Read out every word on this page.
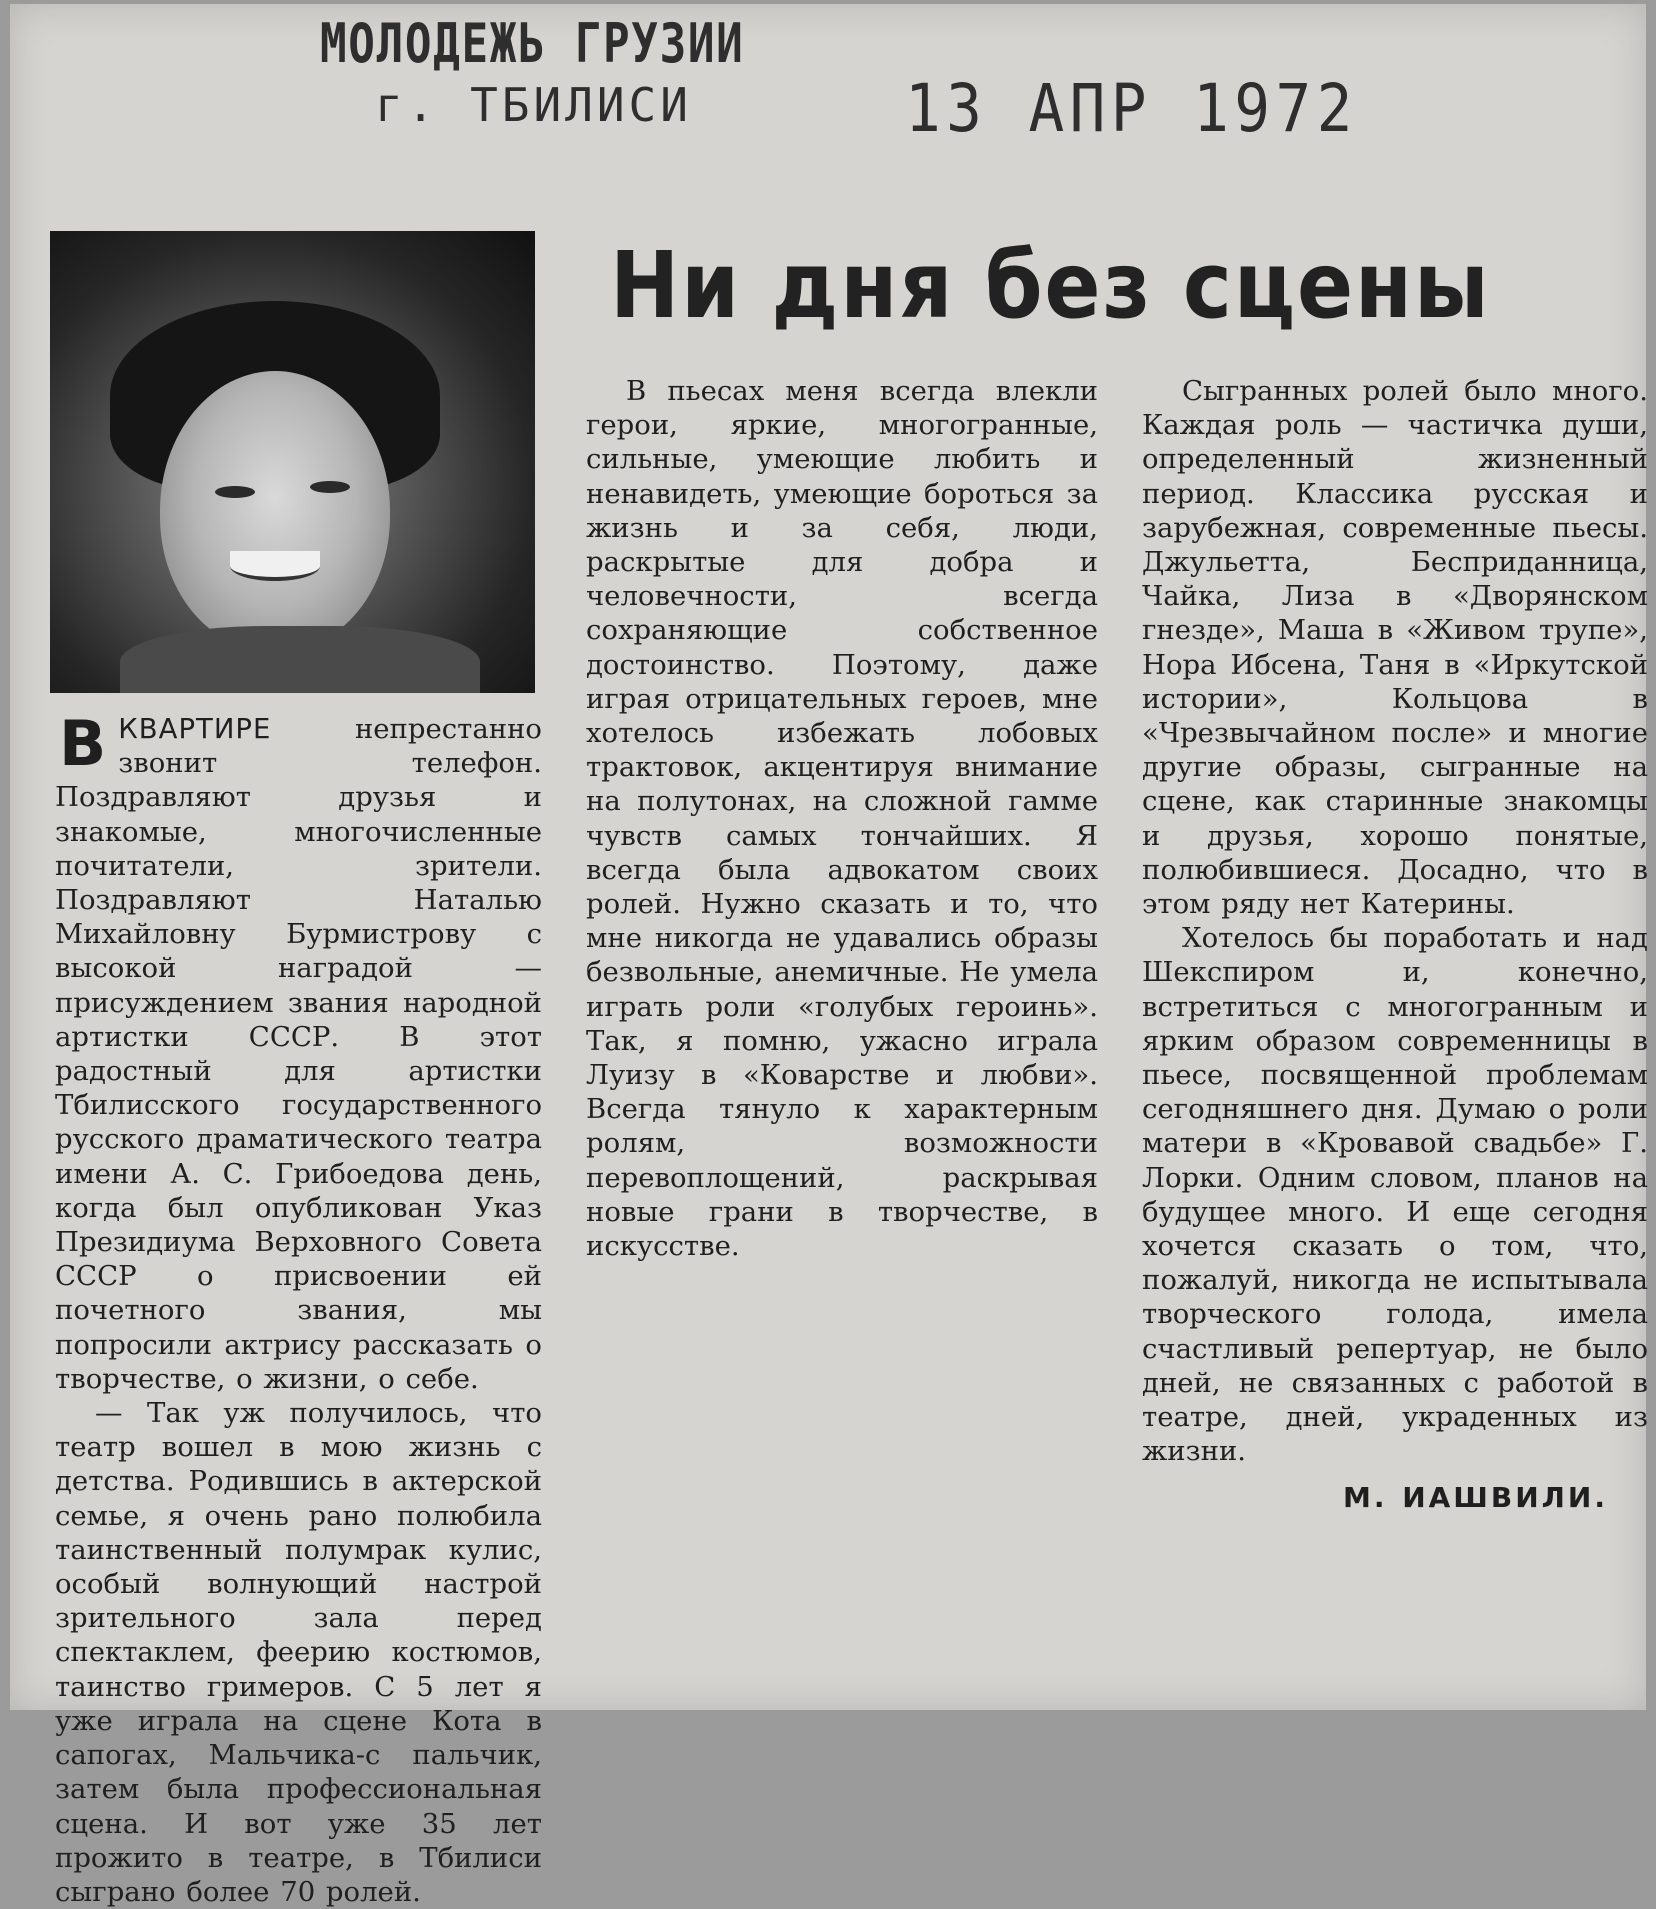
МОЛОДЕЖЬ ГРУЗИИ
г. ТБИЛИСИ	13 АПР 1972
Ни дня без сцены

В КВАРТИРЕ	непрестанно звонит телефон. Поздравляют друзья и знакомые, многочисленные почитатели, зрители. Поздравляют Наталью Михайловну Бурмистрову с высокой наградой — присуждением звания народной артистки СССР. В этот радостный для артистки Тбилисского государственного русского драматического театра имени А. С. Грибоедова день, когда был опубликован Указ Президиума Верховного Совета СССР о присвоении ей почетного звания, мы попросили актрису рассказать о творчестве, о жизни, о себе.

— Так уж получилось, что театр вошел в мою жизнь с детства. Родившись в актерской семье, я очень рано полюбила таинственный полумрак кулис, особый волнующий настрой зрительного зала перед спектаклем, феерию костюмов, таинство гримеров. С 5 лет я уже играла на сцене Кота в сапогах, Мальчика-с пальчик, затем была профессиональная сцена. И вот уже 35 лет прожито в театре, в Тбилиси сыграно более 70 ролей.

В пьесах меня всегда влекли герои, яркие, многогранные, сильные, умеющие любить и ненавидеть, умеющие бороться за жизнь и за себя, люди, раскрытые для добра и человечности, всегда сохраняющие собственное достоинство. Поэтому, даже играя отрицательных героев, мне хотелось избежать лобовых трактовок, акцентируя внимание на полутонах, на сложной гамме чувств самых тончайших. Я всегда была адвокатом своих ролей. Нужно сказать и то, что мне никогда не удавались образы безвольные, анемичные. Не умела играть роли «голубых героинь». Так, я помню, ужасно играла Луизу в «Коварстве и любви». Всегда тянуло к характерным ролям, возможности перевоплощений, раскрывая новые грани в творчестве, в искусстве.

Сыгранных ролей было много. Каждая роль — частичка души, определенный жизненный период. Классика русская и зарубежная, современные пьесы. Джульетта, Бесприданница, Чайка, Лиза в «Дворянском гнезде», Маша в «Живом трупе», Нора Ибсена, Таня в «Иркутской истории», Кольцова в «Чрезвычайном после» и многие другие образы, сыгранные на сцене, как старинные знакомцы и друзья, хорошо понятые, полюбившиеся. Досадно, что в этом ряду нет Катерины.

Хотелось бы поработать и над Шекспиром и, конечно, встретиться с многогранным и ярким образом современницы в пьесе, посвященной проблемам сегодняшнего дня. Думаю о роли матери в «Кровавой свадьбе» Г. Лорки. Одним словом, планов на будущее много. И еще сегодня хочется сказать о том, что, пожалуй, никогда не испытывала творческого голода, имела счастливый репертуар, не было дней, не связанных с работой в театре, дней, украденных из жизни.

М. ИАШВИЛИ.
